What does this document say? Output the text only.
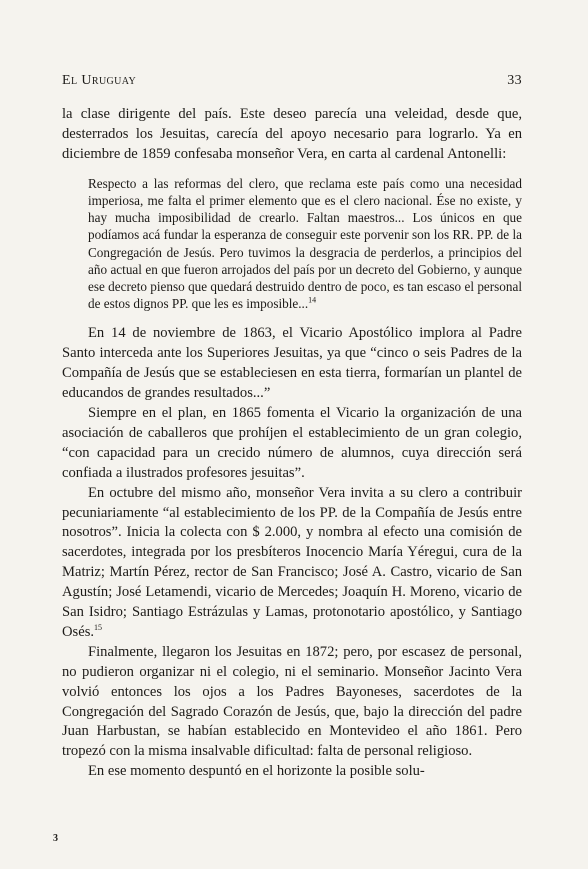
El Uruguay	33

la clase dirigente del país. Este deseo parecía una veleidad, desde que, desterrados los Jesuitas, carecía del apoyo necesario para lograrlo. Ya en diciembre de 1859 confesaba monseñor Vera, en carta al cardenal Antonelli:

Respecto a las reformas del clero, que reclama este país como una necesidad imperiosa, me falta el primer elemento que es el clero nacional. Ése no existe, y hay mucha imposibilidad de crearlo. Faltan maestros... Los únicos en que podíamos acá fundar la esperanza de conseguir este porvenir son los RR. PP. de la Congregación de Jesús. Pero tuvimos la desgracia de perderlos, a principios del año actual en que fueron arrojados del país por un decreto del Gobierno, y aunque ese decreto pienso que quedará destruido dentro de poco, es tan escaso el personal de estos dignos PP. que les es imposible...$^{14}$

En 14 de noviembre de 1863, el Vicario Apostólico implora al Padre Santo interceda ante los Superiores Jesuitas, ya que “cinco o seis Padres de la Compañía de Jesús que se estableciesen en esta tierra, formarían un plantel de educandos de grandes resultados...”

Siempre en el plan, en 1865 fomenta el Vicario la organización de una asociación de caballeros que prohíjen el establecimiento de un gran colegio, “con capacidad para un crecido número de alumnos, cuya dirección será confiada a ilustrados profesores jesuitas”.

En octubre del mismo año, monseñor Vera invita a su clero a contribuir pecuniariamente “al establecimiento de los PP. de la Compañía de Jesús entre nosotros”. Inicia la colecta con $ 2.000, y nombra al efecto una comisión de sacerdotes, integrada por los presbíteros Inocencio María Yéregui, cura de la Matriz; Martín Pérez, rector de San Francisco; José A. Castro, vicario de San Agustín; José Letamendi, vicario de Mercedes; Joaquín H. Moreno, vicario de San Isidro; Santiago Estrázulas y Lamas, protonotario apostólico, y Santiago Osés.$^{15}$

Finalmente, llegaron los Jesuitas en 1872; pero, por escasez de personal, no pudieron organizar ni el colegio, ni el seminario. Monseñor Jacinto Vera volvió entonces los ojos a los Padres Bayoneses, sacerdotes de la Congregación del Sagrado Corazón de Jesús, que, bajo la dirección del padre Juan Harbustan, se habían establecido en Montevideo el año 1861. Pero tropezó con la misma insalvable dificultad: falta de personal religioso.

En ese momento despuntó en el horizonte la posible solu-

3
